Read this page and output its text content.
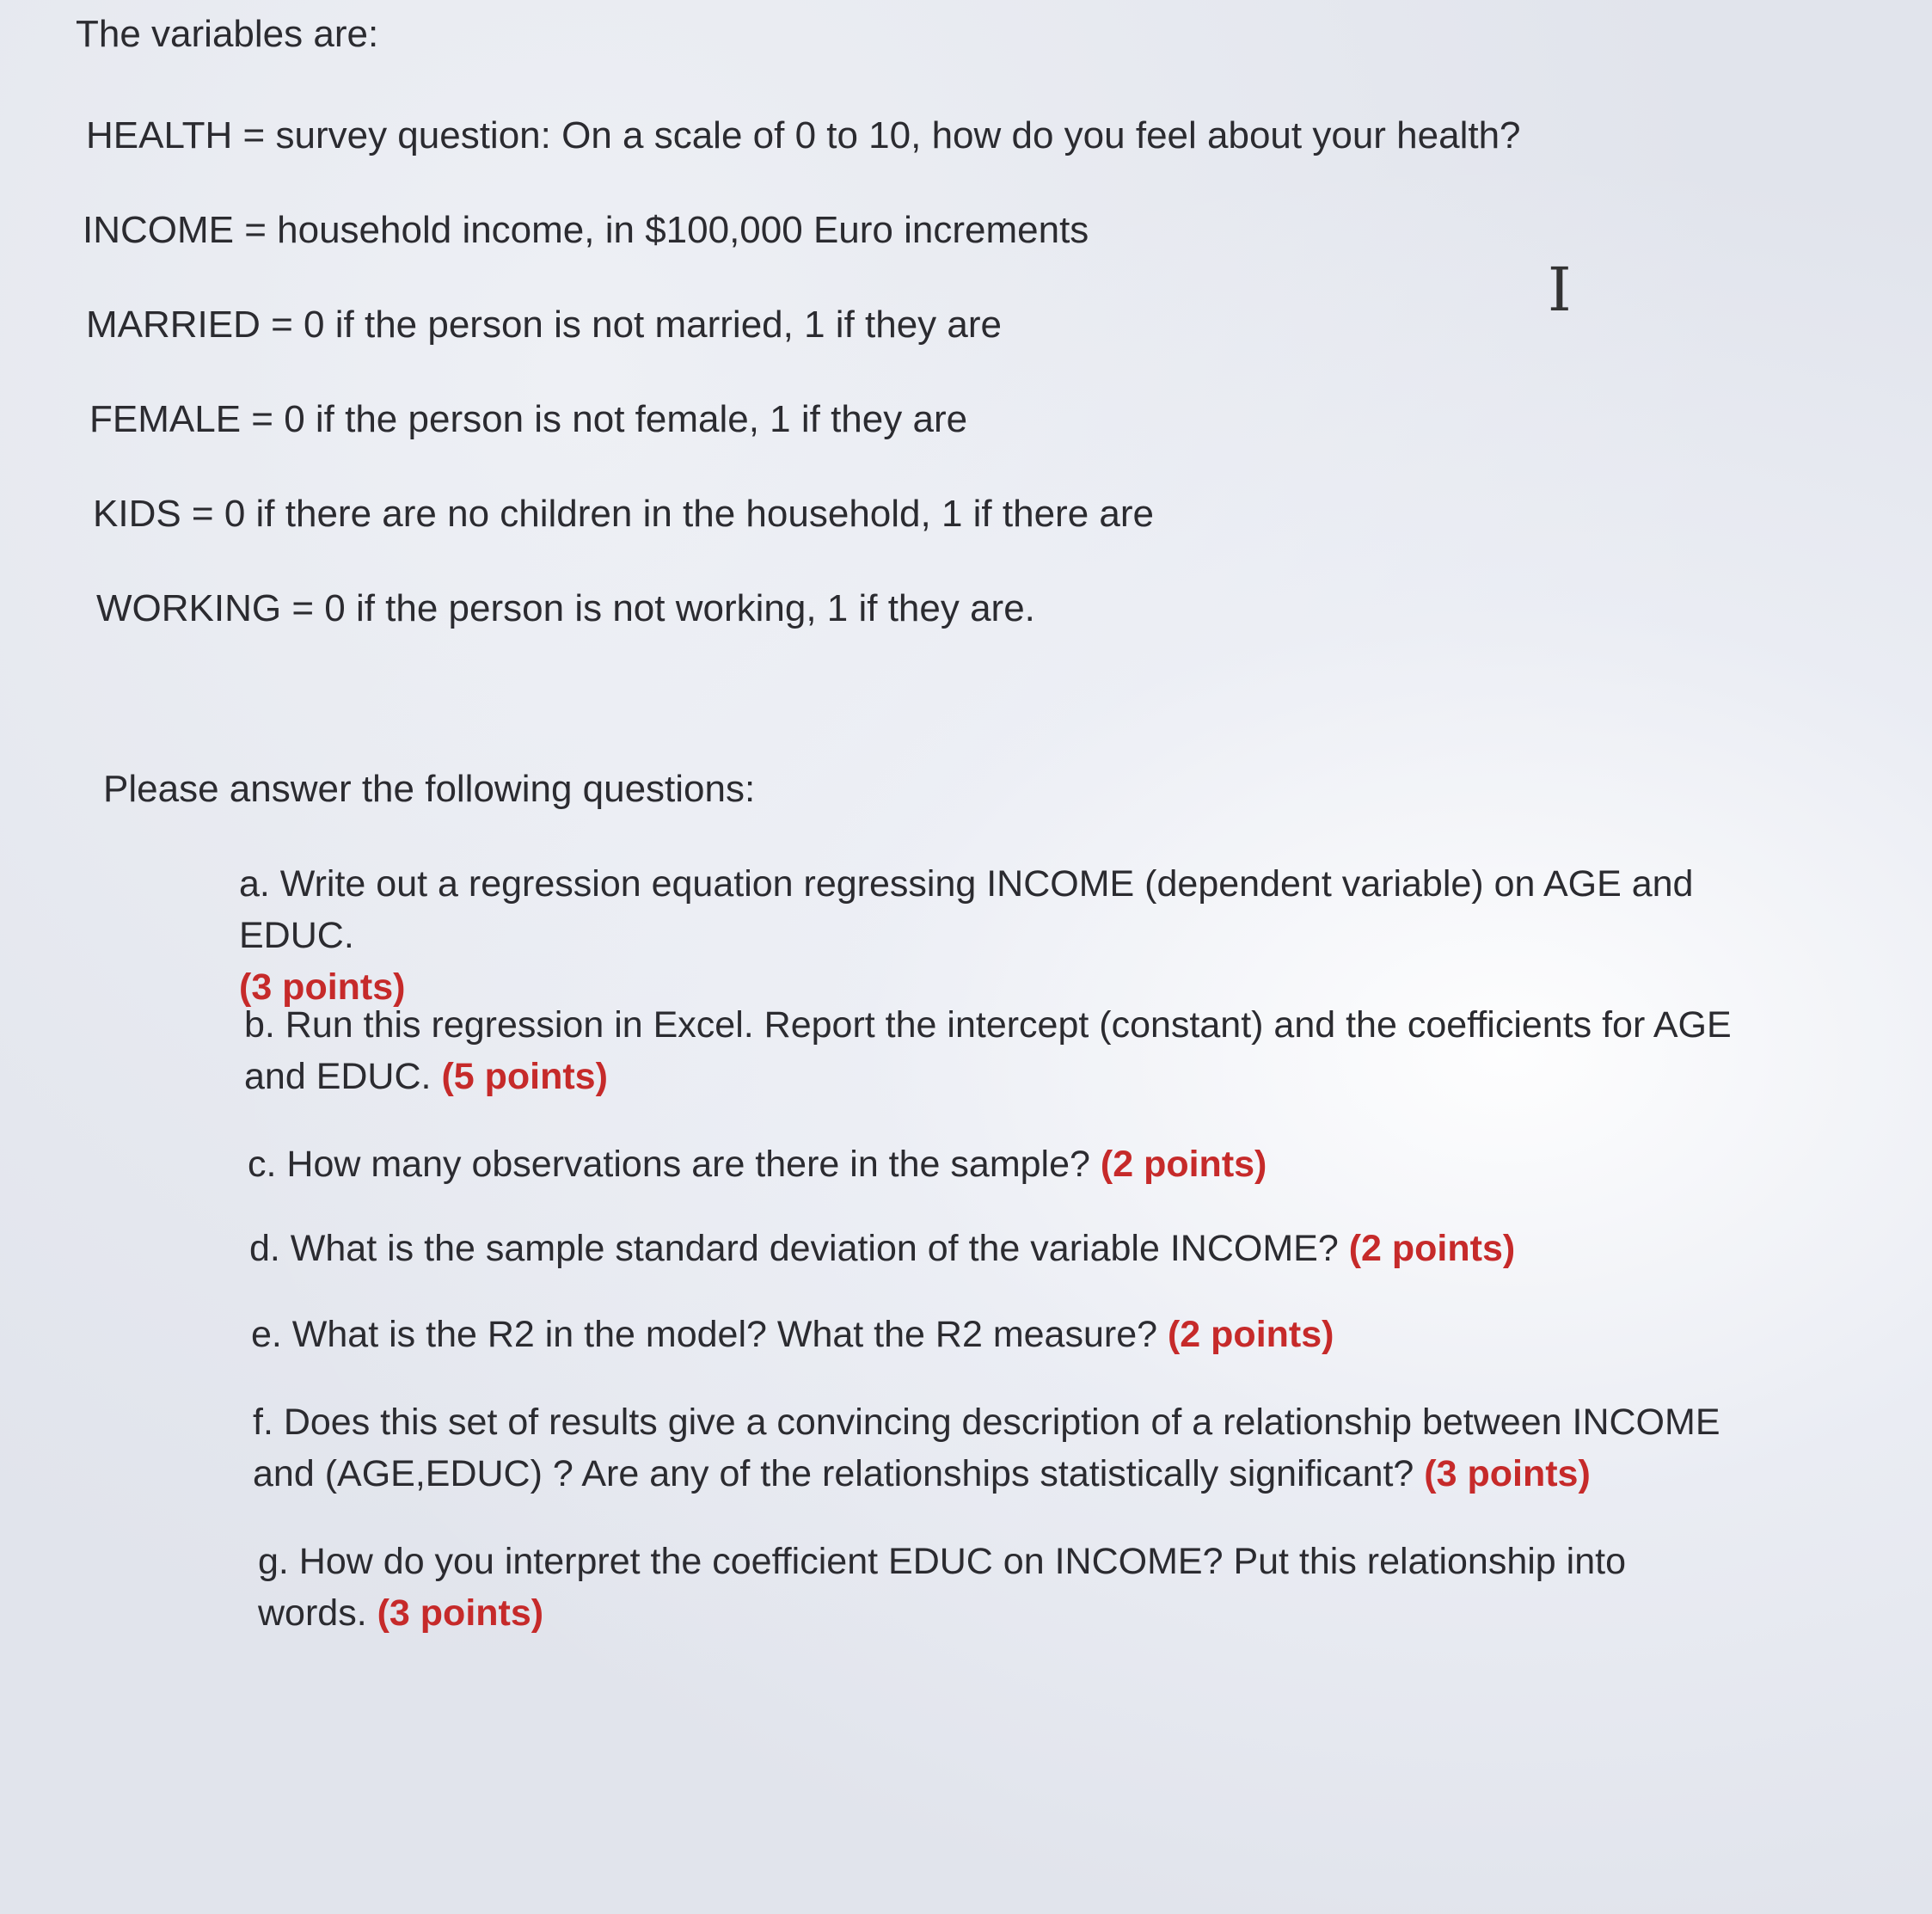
The variables are:
HEALTH = survey question: On a scale of 0 to 10, how do you feel about your health?
INCOME = household income, in $100,000 Euro increments
MARRIED = 0 if the person is not married, 1 if they are
FEMALE = 0 if the person is not female, 1 if they are
KIDS = 0 if there are no children in the household, 1 if there are
WORKING = 0 if the person is not working, 1 if they are.
I
Please answer the following questions:
a. Write out a regression equation regressing INCOME (dependent variable) on AGE and EDUC.
(3 points)
b. Run this regression in Excel. Report the intercept (constant) and the coefficients for AGE and EDUC. (5 points)
c. How many observations are there in the sample? (2 points)
d. What is the sample standard deviation of the variable INCOME? (2 points)
e. What is the R2 in the model? What the R2 measure? (2 points)
f. Does this set of results give a convincing description of a relationship between INCOME and (AGE,EDUC) ? Are any of the relationships statistically significant? (3 points)
g. How do you interpret the coefficient EDUC on INCOME? Put this relationship into words. (3 points)
